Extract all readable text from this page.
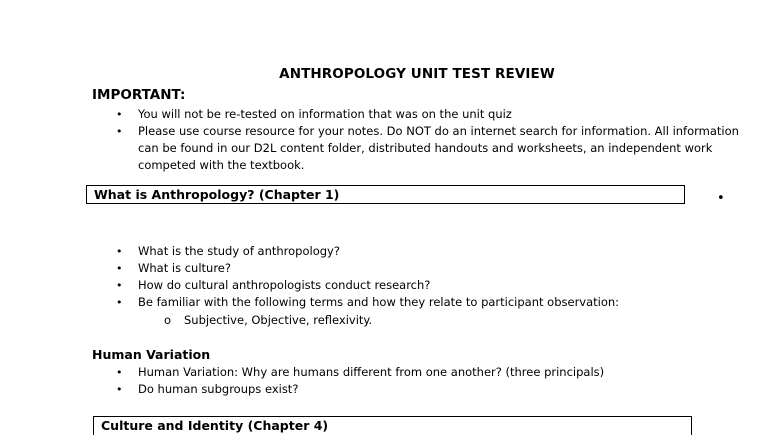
ANTHROPOLOGY UNIT TEST REVIEW
IMPORTANT:
• You will not be re-tested on information that was on the unit quiz
• Please use course resource for your notes. Do NOT do an internet search for information. All information can be found in our D2L content folder, distributed handouts and worksheets, an independent work competed with the textbook.
What is Anthropology? (Chapter 1)	•
• What is the study of anthropology?
• What is culture?
• How do cultural anthropologists conduct research?
• Be familiar with the following terms and how they relate to participant observation:
o Subjective, Objective, reflexivity.
Human Variation
• Human Variation: Why are humans different from one another? (three principals)
• Do human subgroups exist?
Culture and Identity (Chapter 4)
